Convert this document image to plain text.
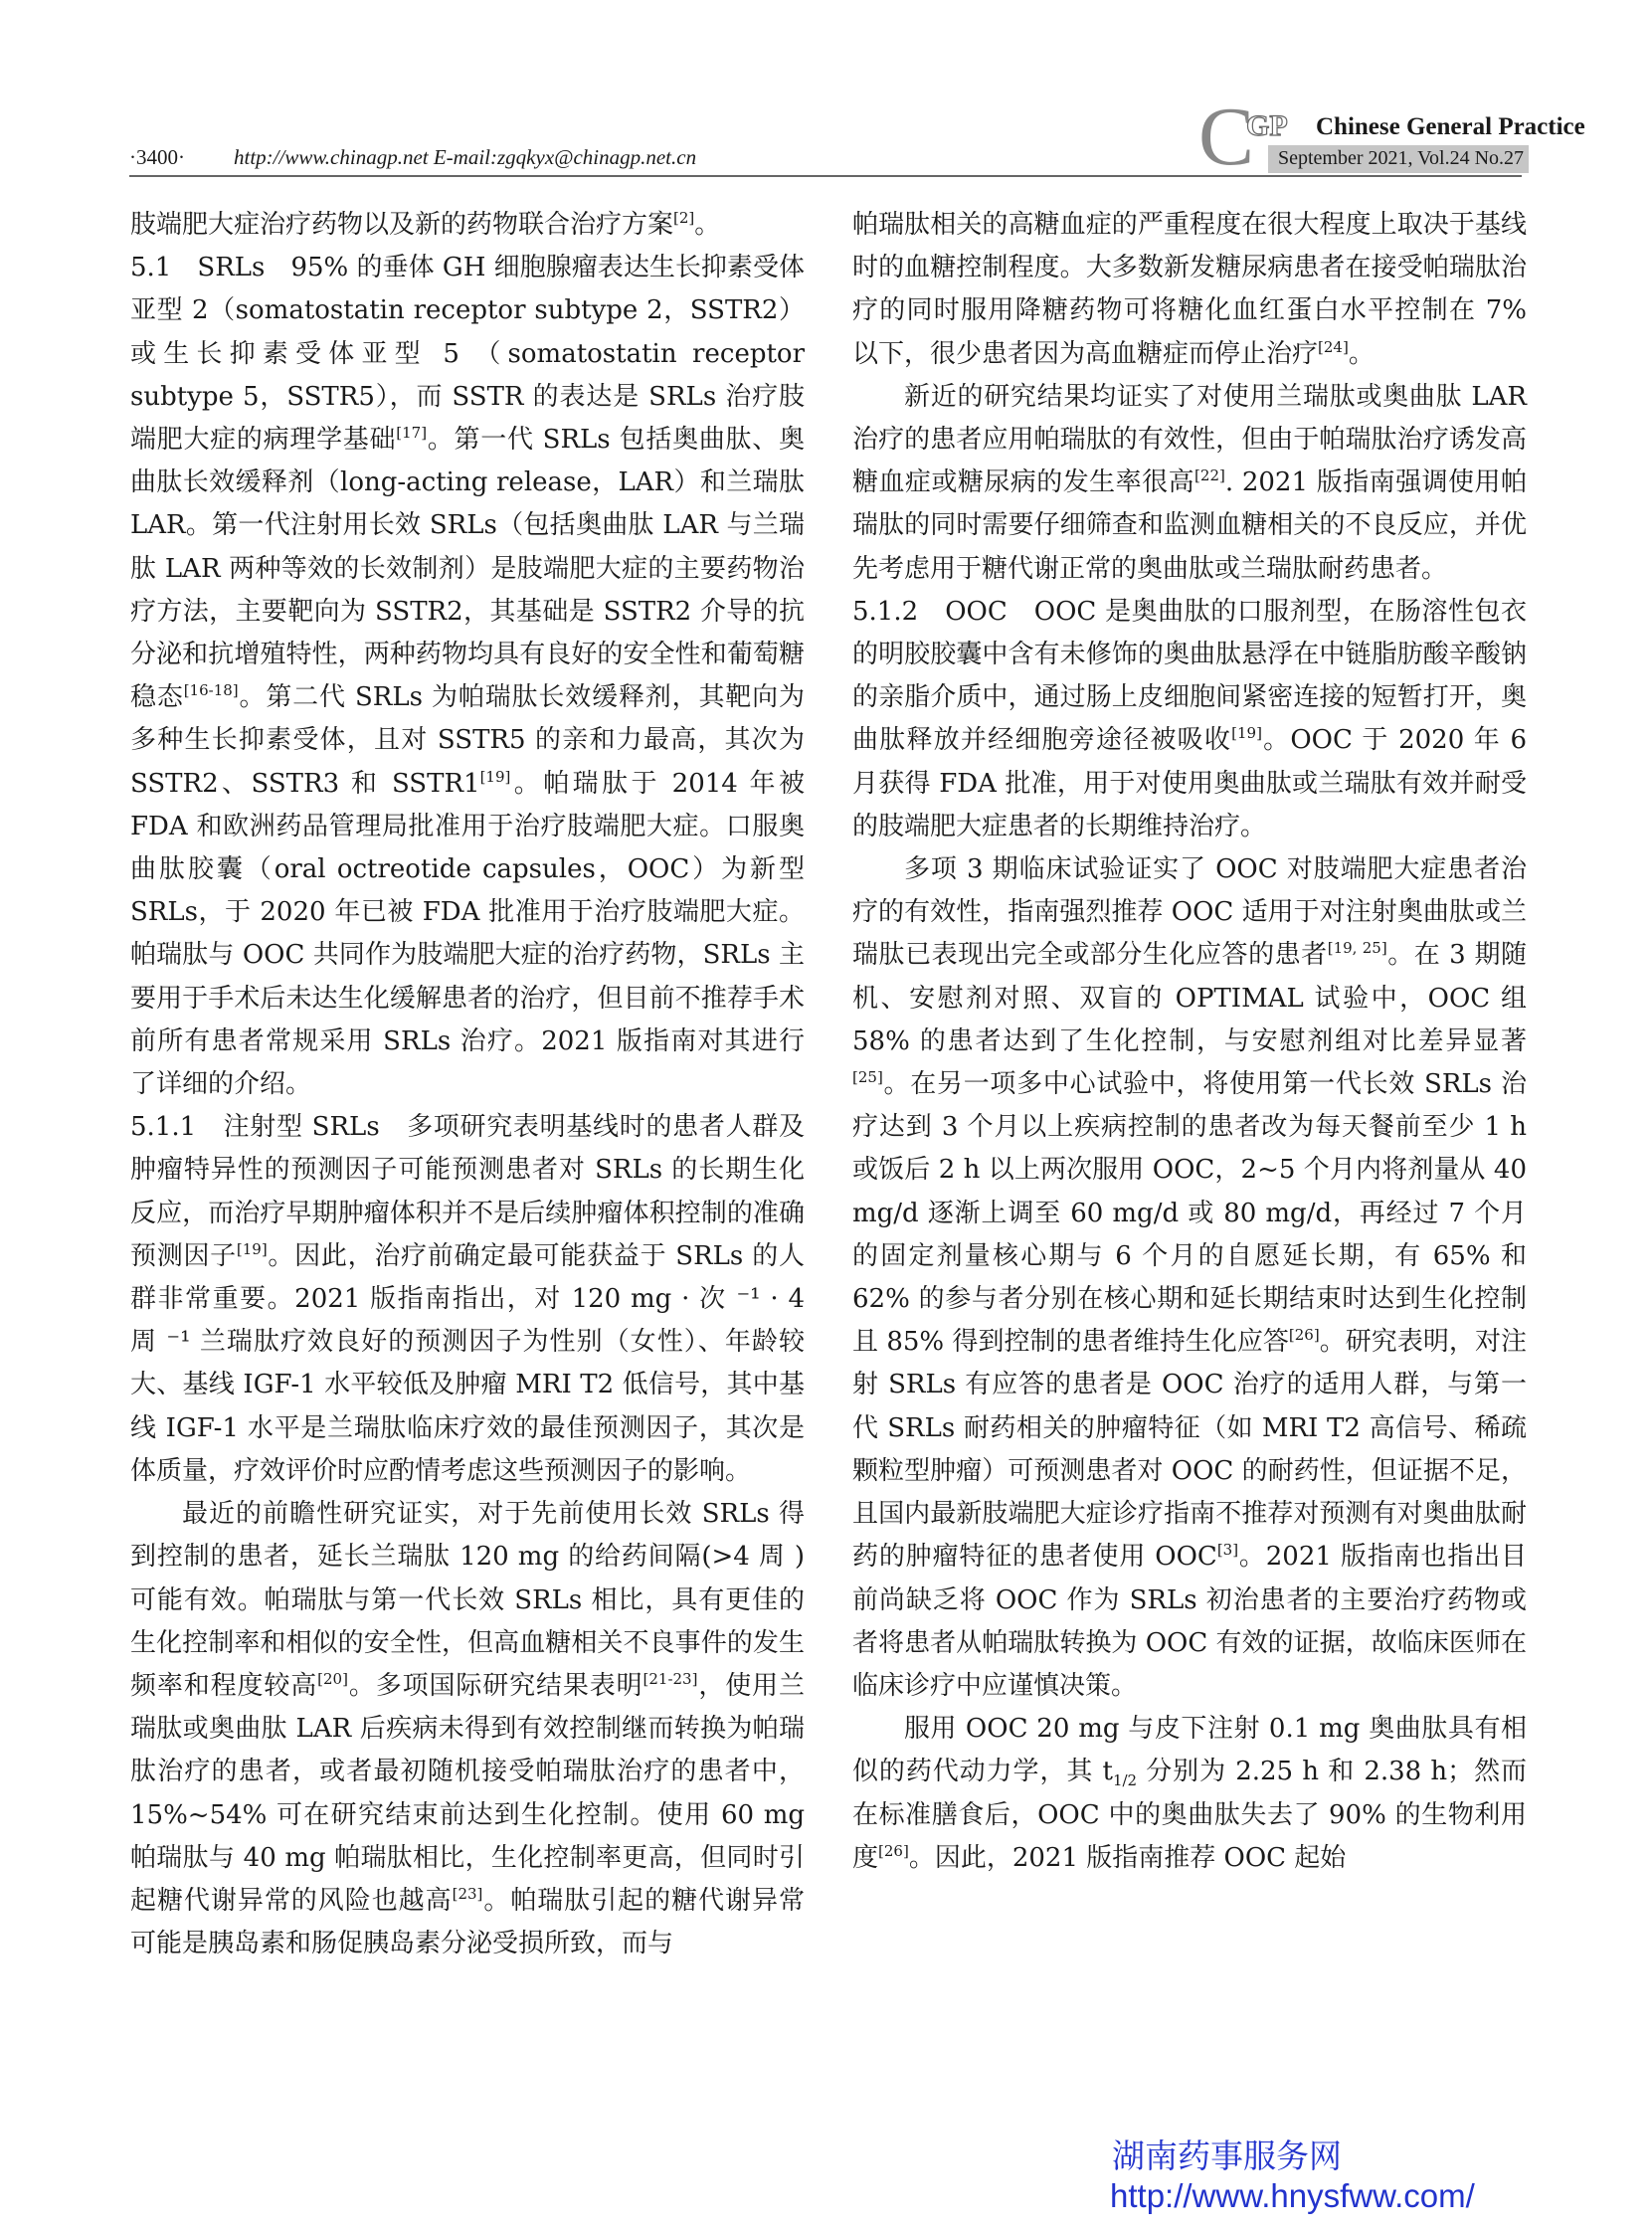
·3400· http://www.chinagp.net E-mail:zgqkyx@chinagp.net.cn	C
GP Chinese General Practice
September 2021, Vol.24 No.27

肢端肥大症治疗药物以及新的药物联合治疗方案[2]。

5.1　SRLs　95% 的垂体 GH 细胞腺瘤表达生长抑素受体亚型 2（somatostatin receptor subtype 2，SSTR2）或生长抑素受体亚型 5 （somatostatin receptor subtype 5，SSTR5），而 SSTR 的表达是 SRLs 治疗肢端肥大症的病理学基础[17]。第一代 SRLs 包括奥曲肽、奥曲肽长效缓释剂（long-acting release，LAR）和兰瑞肽 LAR。第一代注射用长效 SRLs（包括奥曲肽 LAR 与兰瑞肽 LAR 两种等效的长效制剂）是肢端肥大症的主要药物治疗方法，主要靶向为 SSTR2，其基础是 SSTR2 介导的抗分泌和抗增殖特性，两种药物均具有良好的安全性和葡萄糖稳态[16-18]。第二代 SRLs 为帕瑞肽长效缓释剂，其靶向为多种生长抑素受体，且对 SSTR5 的亲和力最高，其次为 SSTR2、SSTR3 和 SSTR1[19]。帕瑞肽于 2014 年被 FDA 和欧洲药品管理局批准用于治疗肢端肥大症。口服奥曲肽胶囊（oral octreotide capsules，OOC）为新型 SRLs，于 2020 年已被 FDA 批准用于治疗肢端肥大症。帕瑞肽与 OOC 共同作为肢端肥大症的治疗药物，SRLs 主要用于手术后未达生化缓解患者的治疗，但目前不推荐手术前所有患者常规采用 SRLs 治疗。2021 版指南对其进行了详细的介绍。

5.1.1　注射型 SRLs　多项研究表明基线时的患者人群及肿瘤特异性的预测因子可能预测患者对 SRLs 的长期生化反应，而治疗早期肿瘤体积并不是后续肿瘤体积控制的准确预测因子[19]。因此，治疗前确定最可能获益于 SRLs 的人群非常重要。2021 版指南指出，对 120 mg · 次 ⁻¹ · 4 周 ⁻¹ 兰瑞肽疗效良好的预测因子为性别（女性）、年龄较大、基线 IGF-1 水平较低及肿瘤 MRI T2 低信号，其中基线 IGF-1 水平是兰瑞肽临床疗效的最佳预测因子，其次是体质量，疗效评价时应酌情考虑这些预测因子的影响。

最近的前瞻性研究证实，对于先前使用长效 SRLs 得到控制的患者，延长兰瑞肽 120 mg 的给药间隔(>4 周 )可能有效。帕瑞肽与第一代长效 SRLs 相比，具有更佳的生化控制率和相似的安全性，但高血糖相关不良事件的发生频率和程度较高[20]。多项国际研究结果表明[21-23]，使用兰瑞肽或奥曲肽 LAR 后疾病未得到有效控制继而转换为帕瑞肽治疗的患者，或者最初随机接受帕瑞肽治疗的患者中，15%~54% 可在研究结束前达到生化控制。使用 60 mg 帕瑞肽与 40 mg 帕瑞肽相比，生化控制率更高，但同时引起糖代谢异常的风险也越高[23]。帕瑞肽引起的糖代谢异常可能是胰岛素和肠促胰岛素分泌受损所致，而与

帕瑞肽相关的高糖血症的严重程度在很大程度上取决于基线时的血糖控制程度。大多数新发糖尿病患者在接受帕瑞肽治疗的同时服用降糖药物可将糖化血红蛋白水平控制在 7% 以下，很少患者因为高血糖症而停止治疗[24]。

新近的研究结果均证实了对使用兰瑞肽或奥曲肽 LAR 治疗的患者应用帕瑞肽的有效性，但由于帕瑞肽治疗诱发高糖血症或糖尿病的发生率很高[22]. 2021 版指南强调使用帕瑞肽的同时需要仔细筛查和监测血糖相关的不良反应，并优先考虑用于糖代谢正常的奥曲肽或兰瑞肽耐药患者。

5.1.2　OOC　OOC 是奥曲肽的口服剂型，在肠溶性包衣的明胶胶囊中含有未修饰的奥曲肽悬浮在中链脂肪酸辛酸钠的亲脂介质中，通过肠上皮细胞间紧密连接的短暂打开，奥曲肽释放并经细胞旁途径被吸收[19]。OOC 于 2020 年 6 月获得 FDA 批准，用于对使用奥曲肽或兰瑞肽有效并耐受的肢端肥大症患者的长期维持治疗。

多项 3 期临床试验证实了 OOC 对肢端肥大症患者治疗的有效性，指南强烈推荐 OOC 适用于对注射奥曲肽或兰瑞肽已表现出完全或部分生化应答的患者[19, 25]。在 3 期随机、安慰剂对照、双盲的 OPTIMAL 试验中，OOC 组 58% 的患者达到了生化控制，与安慰剂组对比差异显著[25]。在另一项多中心试验中，将使用第一代长效 SRLs 治疗达到 3 个月以上疾病控制的患者改为每天餐前至少 1 h 或饭后 2 h 以上两次服用 OOC，2~5 个月内将剂量从 40 mg/d 逐渐上调至 60 mg/d 或 80 mg/d，再经过 7 个月的固定剂量核心期与 6 个月的自愿延长期，有 65% 和 62% 的参与者分别在核心期和延长期结束时达到生化控制且 85% 得到控制的患者维持生化应答[26]。研究表明，对注射 SRLs 有应答的患者是 OOC 治疗的适用人群，与第一代 SRLs 耐药相关的肿瘤特征（如 MRI T2 高信号、稀疏颗粒型肿瘤）可预测患者对 OOC 的耐药性，但证据不足，且国内最新肢端肥大症诊疗指南不推荐对预测有对奥曲肽耐药的肿瘤特征的患者使用 OOC[3]。2021 版指南也指出目前尚缺乏将 OOC 作为 SRLs 初治患者的主要治疗药物或者将患者从帕瑞肽转换为 OOC 有效的证据，故临床医师在临床诊疗中应谨慎决策。

服用 OOC 20 mg 与皮下注射 0.1 mg 奥曲肽具有相似的药代动力学，其 $t_{1/2}$ 分别为 2.25 h 和 2.38 h；然而在标准膳食后，OOC 中的奥曲肽失去了 90% 的生物利用度[26]。因此，2021 版指南推荐 OOC 起始

湖南药事服务网
http://www.hnysfww.com/
